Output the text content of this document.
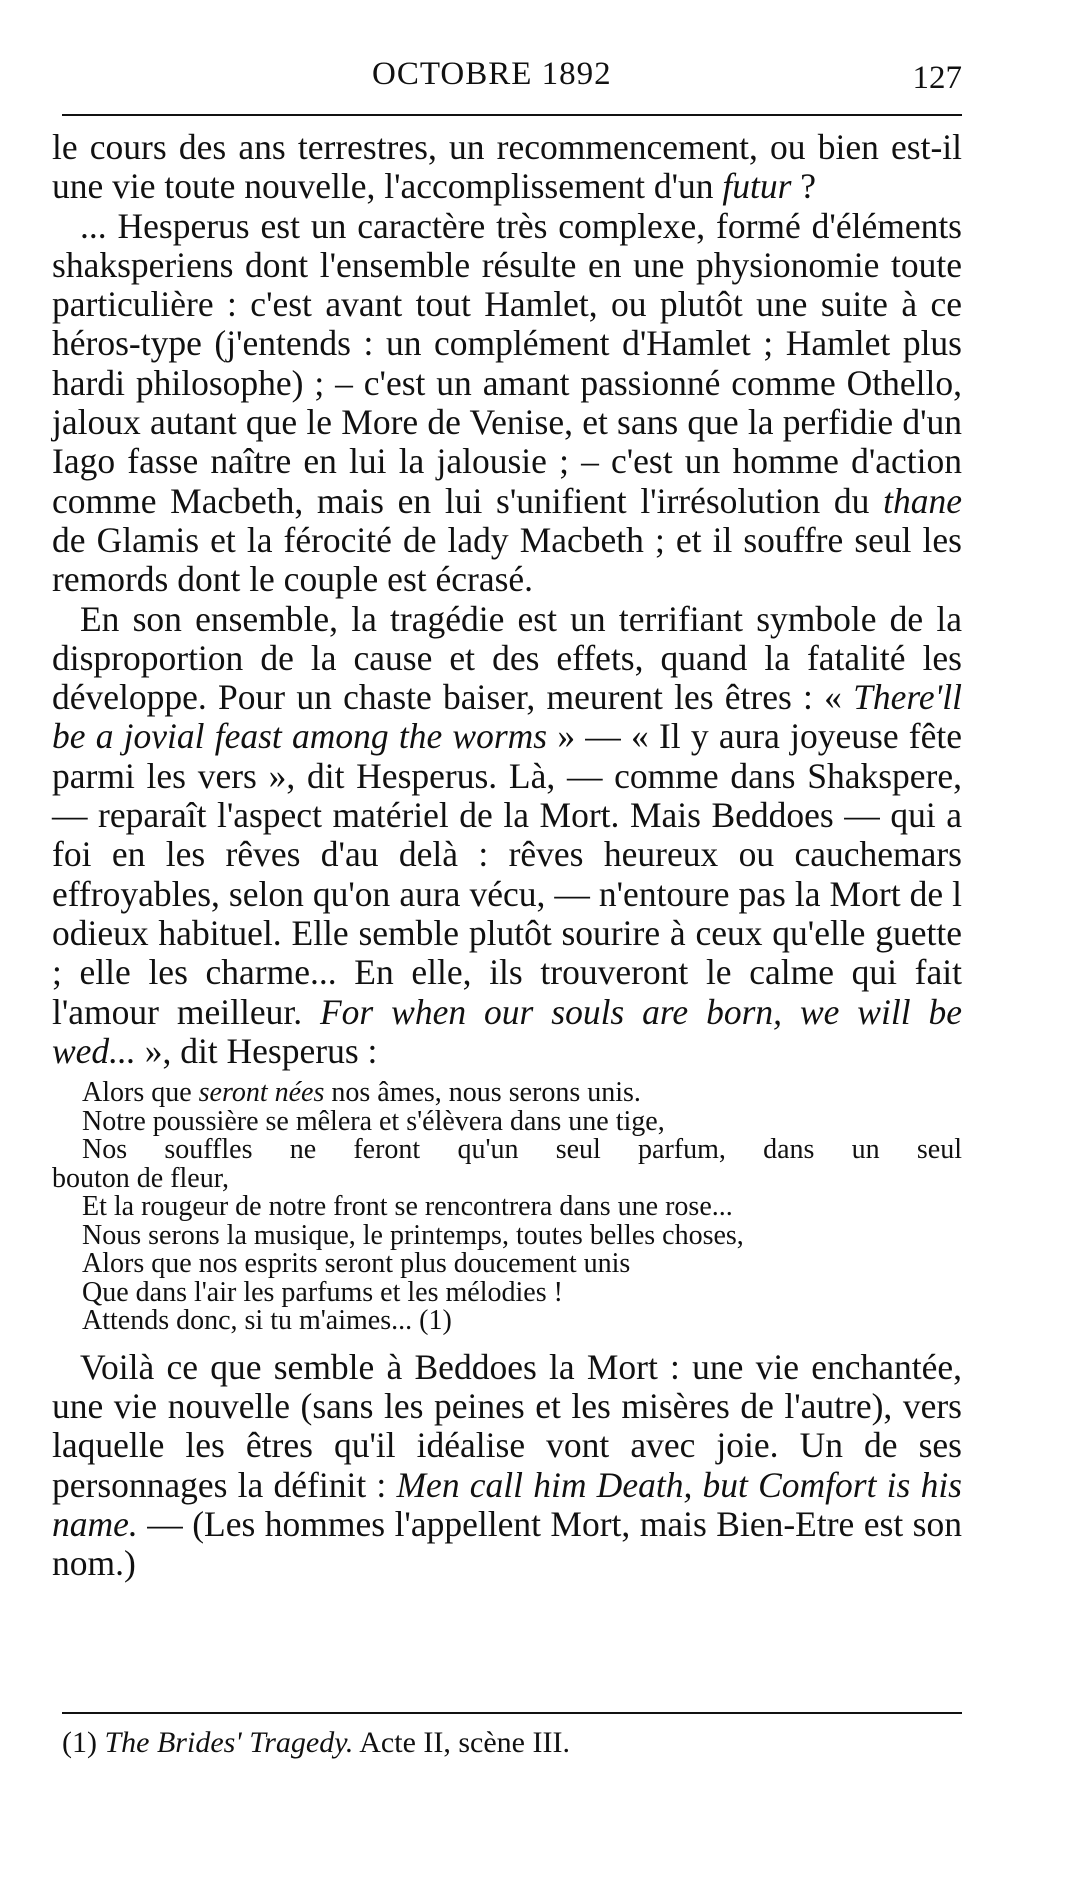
OCTOBRE 1892	127

le cours des ans terrestres, un recommencement, ou bien est-il une vie toute nouvelle, l'accomplissement d'un futur ?

... Hesperus est un caractère très complexe, formé d'éléments shaksperiens dont l'ensemble résulte en une physionomie toute particulière : c'est avant tout Hamlet, ou plutôt une suite à ce héros-type (j'entends : un complément d'Hamlet ; Hamlet plus hardi philosophe) ; – c'est un amant passionné comme Othello, jaloux autant que le More de Venise, et sans que la perfidie d'un Iago fasse naître en lui la jalousie ; – c'est un homme d'action comme Macbeth, mais en lui s'unifient l'irrésolution du thane de Glamis et la férocité de lady Macbeth ; et il souffre seul les remords dont le couple est écrasé.

En son ensemble, la tragédie est un terrifiant symbole de la disproportion de la cause et des effets, quand la fatalité les développe. Pour un chaste baiser, meurent les êtres : « There'll be a jovial feast among the worms » — « Il y aura joyeuse fête parmi les vers », dit Hesperus. Là, — comme dans Shakspere, — reparaît l'aspect matériel de la Mort. Mais Beddoes — qui a foi en les rêves d'au delà : rêves heureux ou cauchemars effroyables, selon qu'on aura vécu, — n'entoure pas la Mort de l odieux habituel. Elle semble plutôt sourire à ceux qu'elle guette ; elle les charme... En elle, ils trouveront le calme qui fait l'amour meilleur. For when our souls are born, we will be wed... », dit Hesperus :

Alors que seront nées nos âmes, nous serons unis.
Notre poussière se mêlera et s'élèvera dans une tige,
Nos souffles ne feront qu'un seul parfum, dans un seul
bouton de fleur,
Et la rougeur de notre front se rencontrera dans une rose...
Nous serons la musique, le printemps, toutes belles choses,
Alors que nos esprits seront plus doucement unis
Que dans l'air les parfums et les mélodies !
Attends donc, si tu m'aimes... (1)

Voilà ce que semble à Beddoes la Mort : une vie enchantée, une vie nouvelle (sans les peines et les misères de l'autre), vers laquelle les êtres qu'il idéalise vont avec joie. Un de ses personnages la définit : Men call him Death, but Comfort is his name. — (Les hommes l'appellent Mort, mais Bien-Etre est son nom.)

(1) The Brides' Tragedy. Acte II, scène III.
